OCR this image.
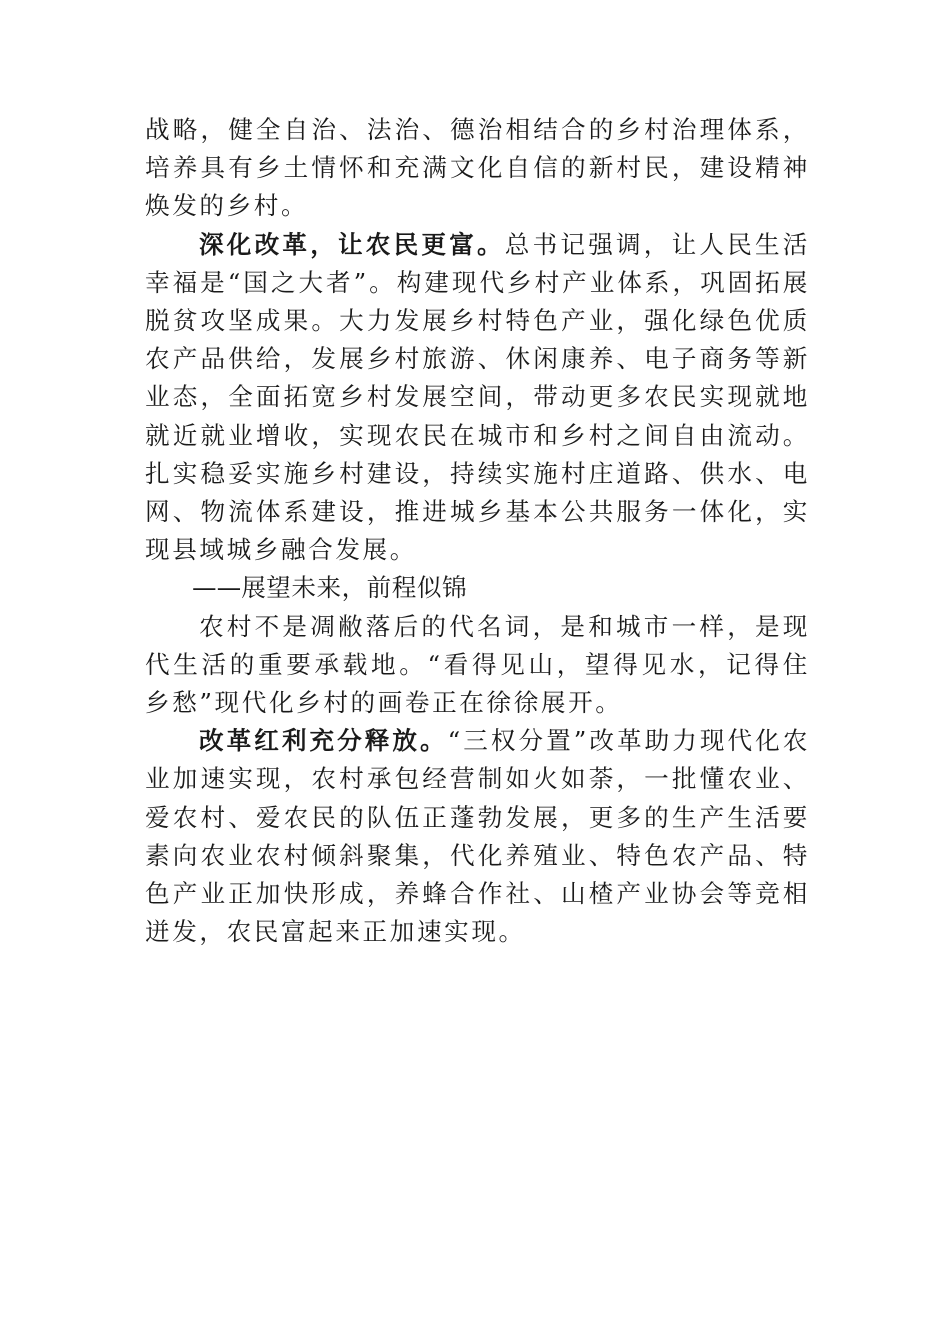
战略，健全自治、法治、德治相结合的乡村治理体系，培养具有乡土情怀和充满文化自信的新村民，建设精神焕发的乡村。

深化改革，让农民更富。总书记强调，让人民生活幸福是“国之大者”。构建现代乡村产业体系，巩固拓展脱贫攻坚成果。大力发展乡村特色产业，强化绿色优质农产品供给，发展乡村旅游、休闲康养、电子商务等新业态，全面拓宽乡村发展空间，带动更多农民实现就地就近就业增收，实现农民在城市和乡村之间自由流动。扎实稳妥实施乡村建设，持续实施村庄道路、供水、电网、物流体系建设，推进城乡基本公共服务一体化，实现县域城乡融合发展。

——展望未来，前程似锦

农村不是凋敝落后的代名词，是和城市一样，是现代生活的重要承载地。“看得见山，望得见水，记得住乡愁”现代化乡村的画卷正在徐徐展开。

改革红利充分释放。“三权分置”改革助力现代化农业加速实现，农村承包经营制如火如荼，一批懂农业、爱农村、爱农民的队伍正蓬勃发展，更多的生产生活要素向农业农村倾斜聚集，代化养殖业、特色农产品、特色产业正加快形成，养蜂合作社、山楂产业协会等竞相迸发，农民富起来正加速实现。
